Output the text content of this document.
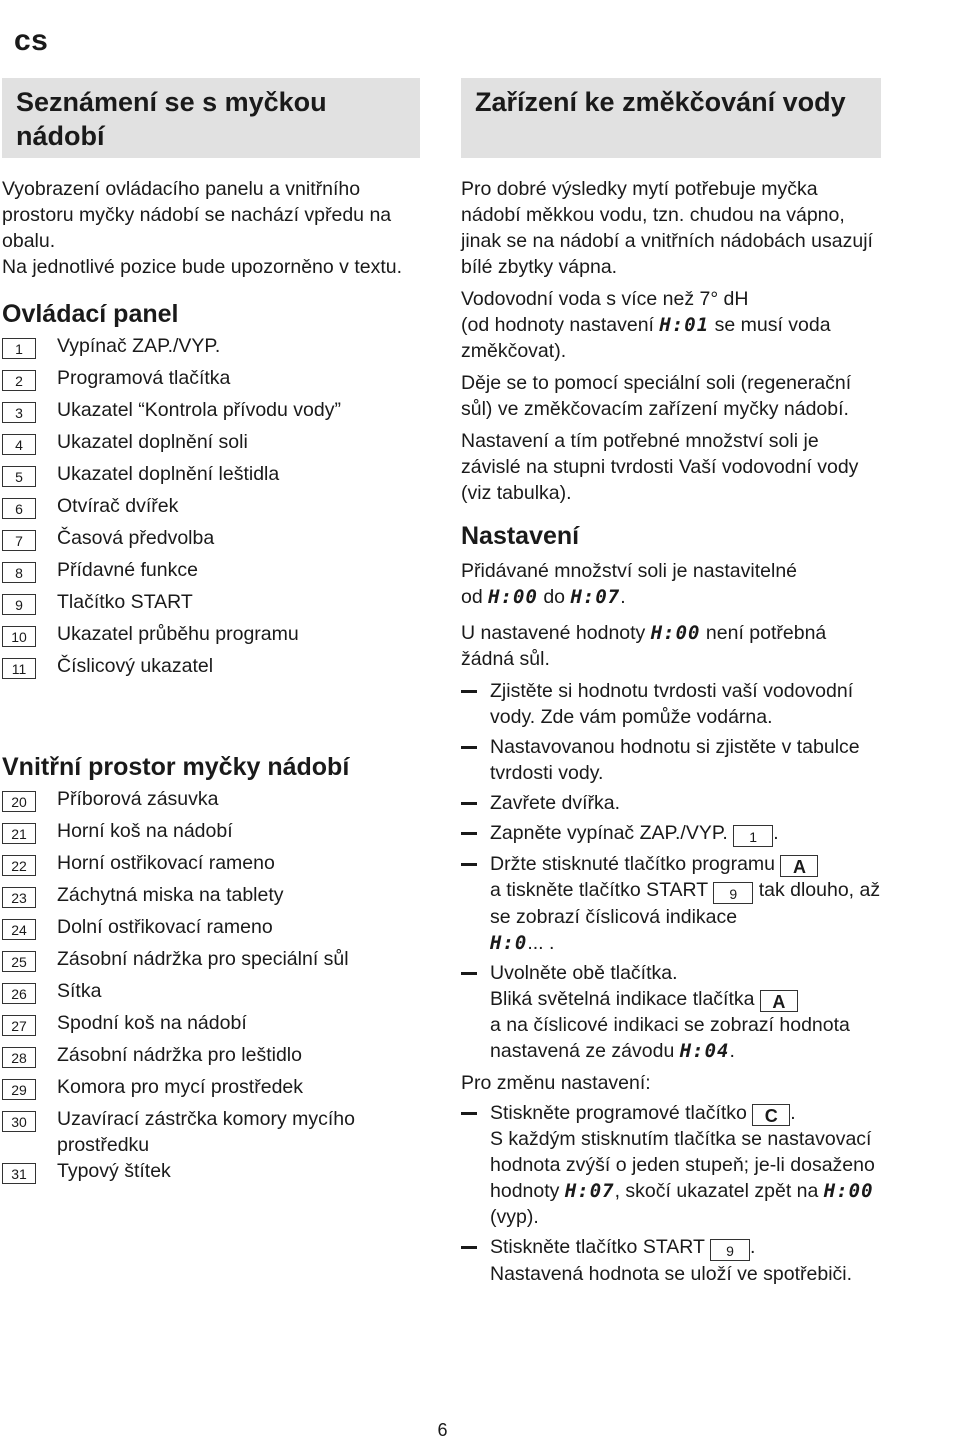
cs
Seznámení se s myčkou nádobí

Vyobrazení ovládacího panelu a vnitřního prostoru myčky nádobí se nachází vpředu na obalu.

Na jednotlivé pozice bude upozorněno v textu.

Ovládací panel
1	Vypínač ZAP./VYP.
2	Programová tlačítka
3	Ukazatel “Kontrola přívodu vody”
4	Ukazatel doplnění soli
5	Ukazatel doplnění leštidla
6	Otvírač dvířek
7	Časová předvolba
8	Přídavné funkce
9	Tlačítko START
10	Ukazatel průběhu programu
11	Číslicový ukazatel
Vnitřní prostor myčky nádobí
20	Příborová zásuvka
21	Horní koš na nádobí
22	Horní ostřikovací rameno
23	Záchytná miska na tablety
24	Dolní ostřikovací rameno
25	Zásobní nádržka pro speciální sůl
26	Sítka
27	Spodní koš na nádobí
28	Zásobní nádržka pro leštidlo
29	Komora pro mycí prostředek
30	Uzavírací zástrčka komory mycího prostředku
31	Typový štítek
Zařízení ke změkčování vody

Pro dobré výsledky mytí potřebuje myčka nádobí měkkou vodu, tzn. chudou na vápno, jinak se na nádobí a vnitřních nádobách usazují bílé zbytky vápna.

Vodovodní voda s více než 7° dH
(od hodnoty nastavení H:01 se musí voda změkčovat).

Děje se to pomocí speciální soli (regenerační sůl) ve změkčovacím zařízení myčky nádobí.

Nastavení a tím potřebné množství soli je závislé na stupni tvrdosti Vaší vodovodní vody (viz tabulka).

Nastavení

Přidávané množství soli je nastavitelné
od H:00 do H:07.

U nastavené hodnoty H:00 není potřebná žádná sůl.

Zjistěte si hodnotu tvrdosti vaší vodovodní vody. Zde vám pomůže vodárna.
Nastavovanou hodnotu si zjistěte v tabulce tvrdosti vody.
Zavřete dvířka.
Zapněte vypínač ZAP./VYP. 1 .
Držte stisknuté tlačítko programu A
a tiskněte tlačítko START 9 tak dlouho, až se zobrazí číslicová indikace
H:0... .
Uvolněte obě tlačítka.
Bliká světelná indikace tlačítka A
a na číslicové indikaci se zobrazí hodnota nastavená ze závodu H:04.

Pro změnu nastavení:

Stiskněte programové tlačítko C .
S každým stisknutím tlačítka se nastavovací hodnota zvýší o jeden stupeň; je-li dosaženo hodnoty H:07, skočí ukazatel zpět na H:00 (vyp).
Stiskněte tlačítko START 9 .
Nastavená hodnota se uloží ve spotřebiči.
6
